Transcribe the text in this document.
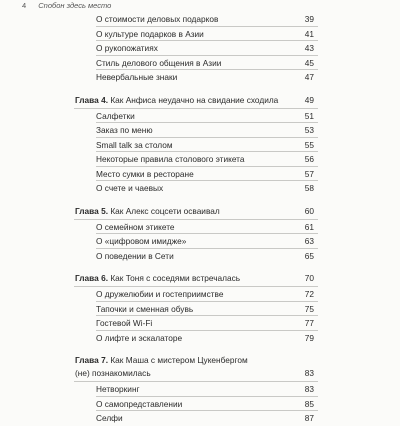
4 Сnобон здесь место
О стоимости деловых подарков	39
О культуре подарков в Азии	41
О рукопожатиях	43
Стиль делового общения в Азии	45
Невербальные знаки	47
Глава 4. Как Анфиса неудачно на свидание сходила	49
Салфетки	51
Заказ по меню	53
Small talk за столом	55
Некоторые правила столового этикета	56
Место сумки в ресторане	57
О счете и чаевых	58
Глава 5. Как Алекс соцсети осваивал	60
О семейном этикете	61
О «цифровом имидже»	63
О поведении в Сети	65
Глава 6. Как Тоня с соседями встречалась	70
О дружелюбии и гостеприимстве	72
Тапочки и сменная обувь	75
Гостевой Wi-Fi	77
О лифте и эскалаторе	79
Глава 7. Как Маша с мистером Цукенбергом
(не) познакомилась	83
Нетворкинг	83
О самопредставлении	85
Селфи	87
